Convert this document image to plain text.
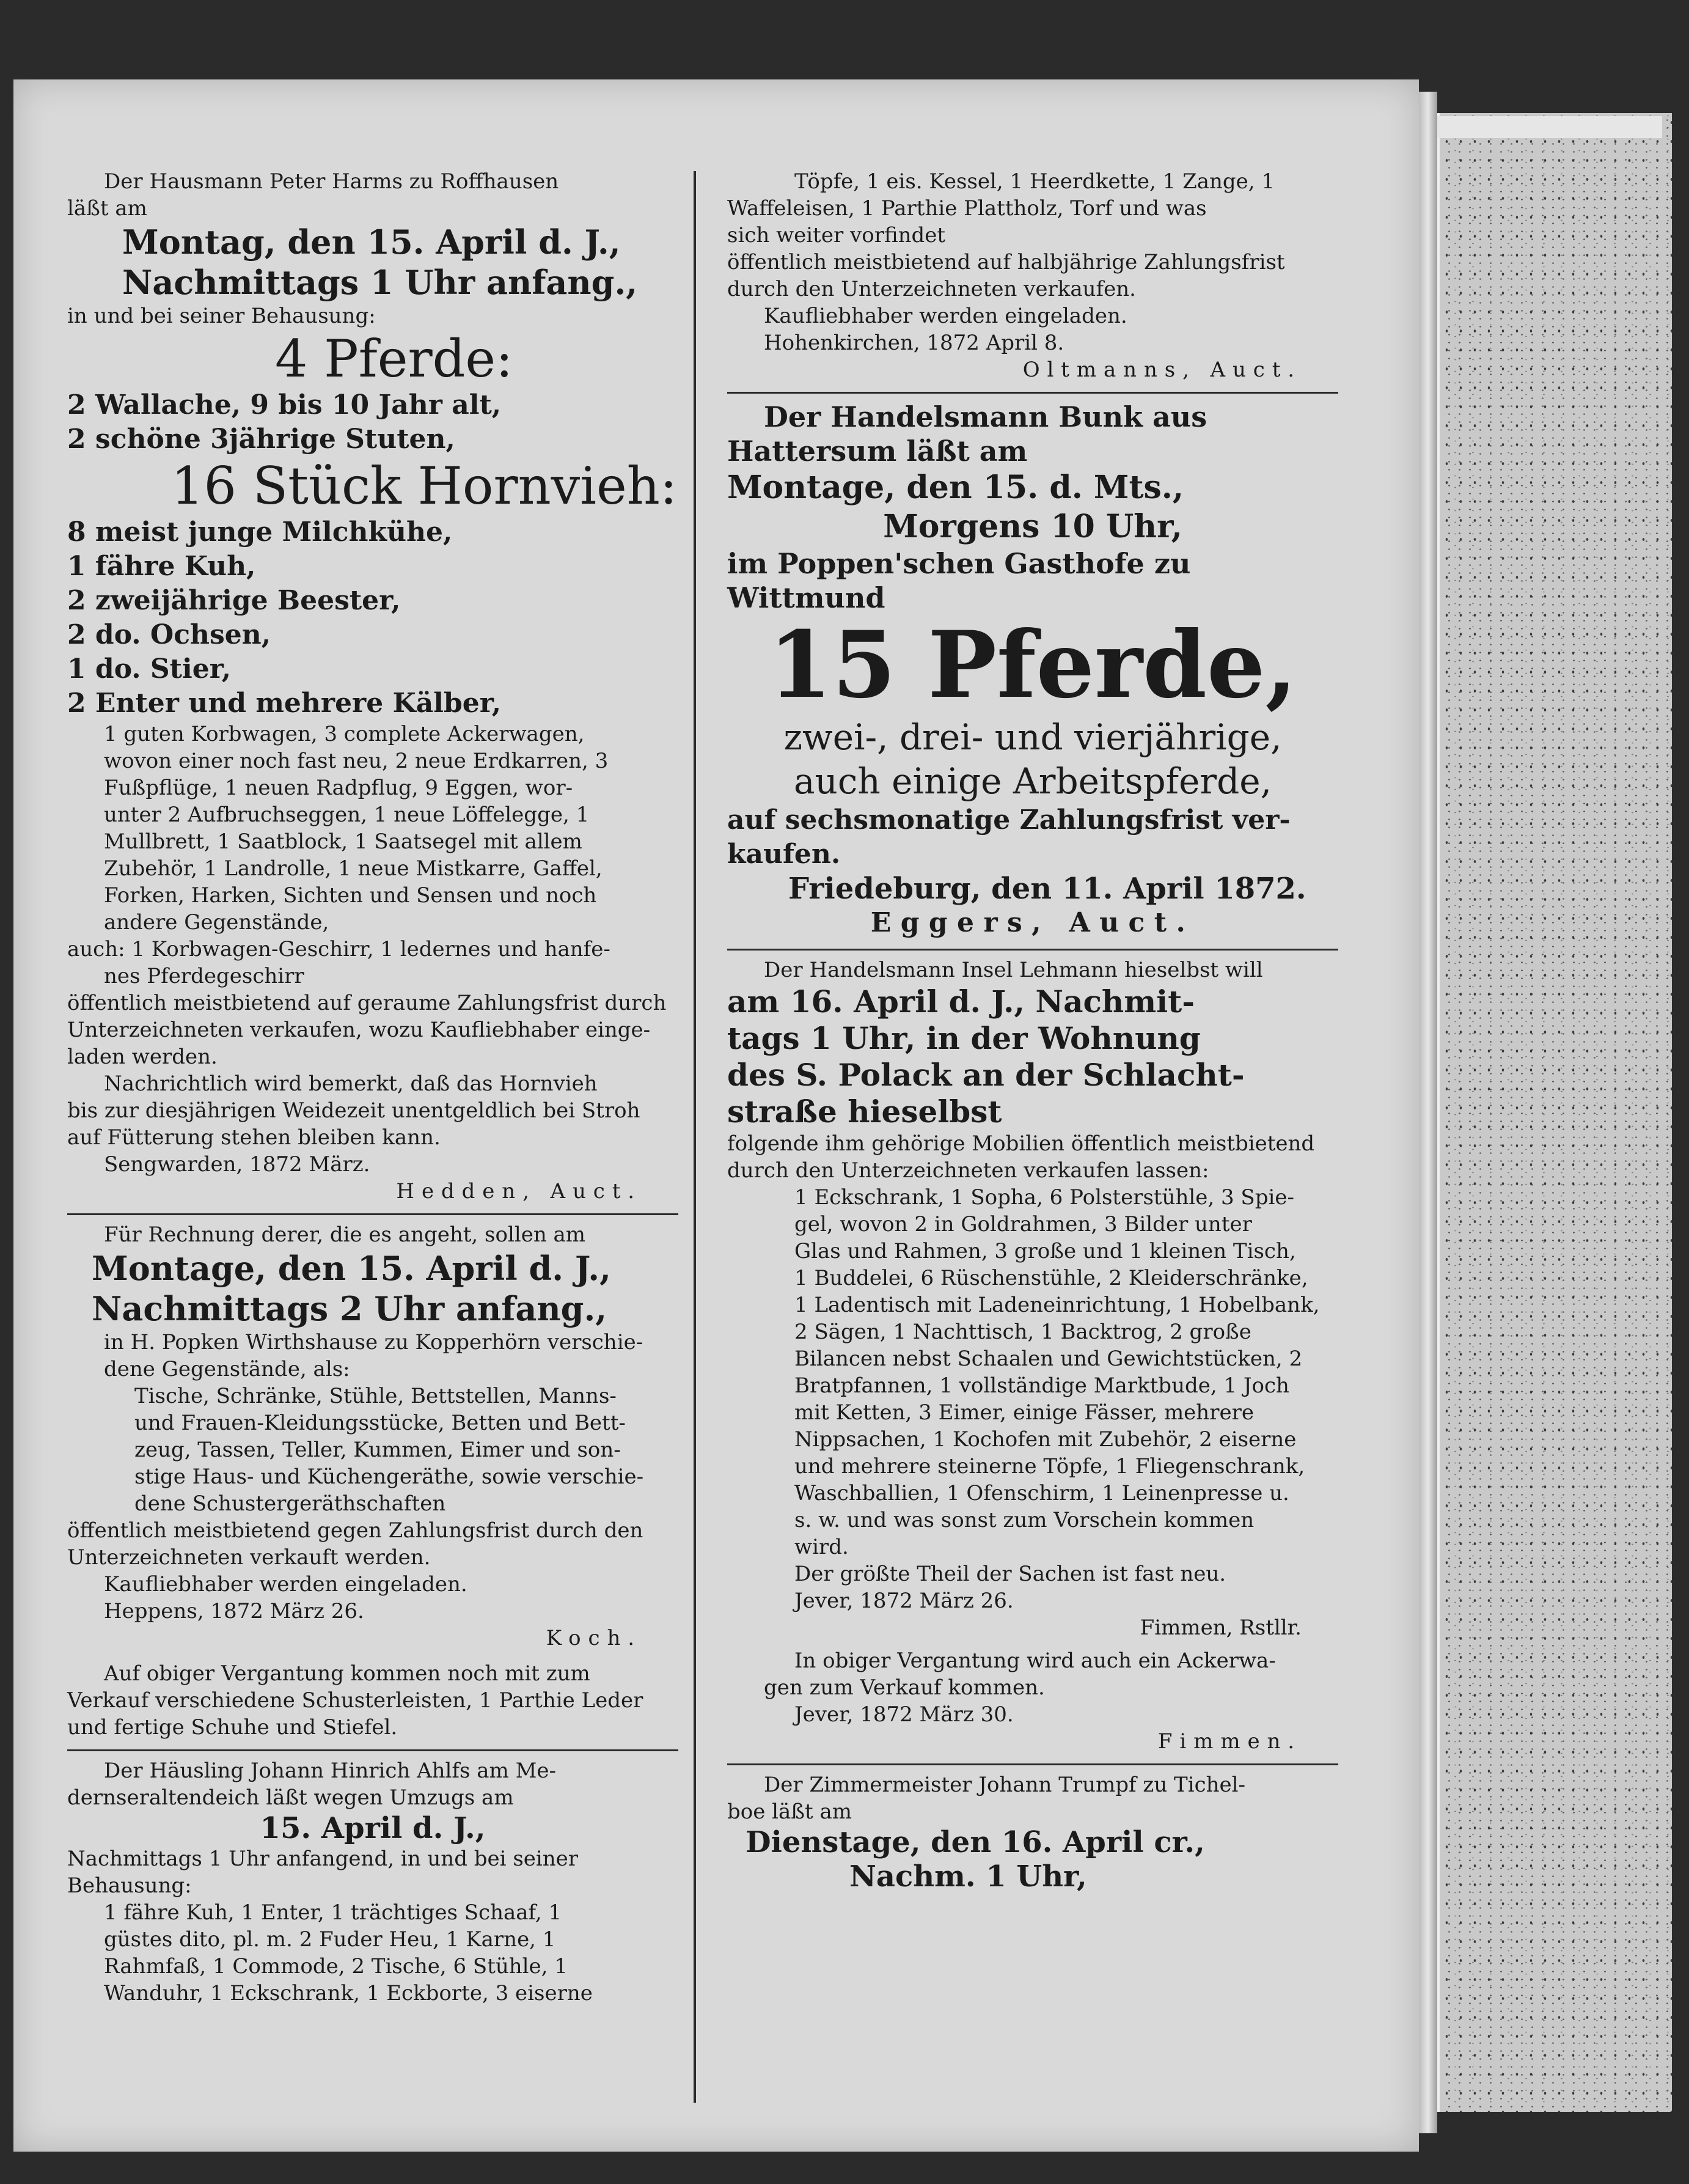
Der Hausmann Peter Harms zu Roffhausen
läßt am
Montag, den 15. April d. J.,
Nachmittags 1 Uhr anfang.,
in und bei seiner Behausung:
4 Pferde:
2 Wallache, 9 bis 10 Jahr alt,
2 schöne 3jährige Stuten,
16 Stück Hornvieh:
8 meist junge Milchkühe,
1 fähre Kuh,
2 zweijährige Beester,
2 do. Ochsen,
1 do. Stier,
2 Enter und mehrere Kälber,
1 guten Korbwagen, 3 complete Ackerwagen,
wovon einer noch fast neu, 2 neue Erdkarren, 3
Fußpflüge, 1 neuen Radpflug, 9 Eggen, wor-
unter 2 Aufbruchseggen, 1 neue Löffelegge, 1
Mullbrett, 1 Saatblock, 1 Saatsegel mit allem
Zubehör, 1 Landrolle, 1 neue Mistkarre, Gaffel,
Forken, Harken, Sichten und Sensen und noch
andere Gegenstände,
auch: 1 Korbwagen-Geschirr, 1 ledernes und hanfe-
nes Pferdegeschirr
öffentlich meistbietend auf geraume Zahlungsfrist durch
Unterzeichneten verkaufen, wozu Kaufliebhaber einge-
laden werden.
Nachrichtlich wird bemerkt, daß das Hornvieh
bis zur diesjährigen Weidezeit unentgeldlich bei Stroh
auf Fütterung stehen bleiben kann.
Sengwarden, 1872 März.
Hedden, Auct.
Für Rechnung derer, die es angeht, sollen am
Montage, den 15. April d. J.,
Nachmittags 2 Uhr anfang.,
in H. Popken Wirthshause zu Kopperhörn verschie-
dene Gegenstände, als:
Tische, Schränke, Stühle, Bettstellen, Manns-
und Frauen-Kleidungsstücke, Betten und Bett-
zeug, Tassen, Teller, Kummen, Eimer und son-
stige Haus- und Küchengeräthe, sowie verschie-
dene Schustergeräthschaften
öffentlich meistbietend gegen Zahlungsfrist durch den
Unterzeichneten verkauft werden.
Kaufliebhaber werden eingeladen.
Heppens, 1872 März 26.
Koch.
Auf obiger Vergantung kommen noch mit zum
Verkauf verschiedene Schusterleisten, 1 Parthie Leder
und fertige Schuhe und Stiefel.
Der Häusling Johann Hinrich Ahlfs am Me-
dernseraltendeich läßt wegen Umzugs am
15. April d. J.,
Nachmittags 1 Uhr anfangend, in und bei seiner
Behausung:
1 fähre Kuh, 1 Enter, 1 trächtiges Schaaf, 1
güstes dito, pl. m. 2 Fuder Heu, 1 Karne, 1
Rahmfaß, 1 Commode, 2 Tische, 6 Stühle, 1
Wanduhr, 1 Eckschrank, 1 Eckborte, 3 eiserne
Töpfe, 1 eis. Kessel, 1 Heerdkette, 1 Zange, 1
Waffeleisen, 1 Parthie Plattholz, Torf und was
sich weiter vorfindet
öffentlich meistbietend auf halbjährige Zahlungsfrist
durch den Unterzeichneten verkaufen.
Kaufliebhaber werden eingeladen.
Hohenkirchen, 1872 April 8.
Oltmanns, Auct.
Der Handelsmann Bunk aus
Hattersum läßt am
Montage, den 15. d. Mts.,
Morgens 10 Uhr,
im Poppen'schen Gasthofe zu
Wittmund
15 Pferde,
zwei-, drei- und vierjährige,
auch einige Arbeitspferde,
auf sechsmonatige Zahlungsfrist ver-
kaufen.
Friedeburg, den 11. April 1872.
Eggers, Auct.
Der Handelsmann Insel Lehmann hieselbst will
am 16. April d. J., Nachmit-
tags 1 Uhr, in der Wohnung
des S. Polack an der Schlacht-
straße hieselbst
folgende ihm gehörige Mobilien öffentlich meistbietend
durch den Unterzeichneten verkaufen lassen:
1 Eckschrank, 1 Sopha, 6 Polsterstühle, 3 Spie-
gel, wovon 2 in Goldrahmen, 3 Bilder unter
Glas und Rahmen, 3 große und 1 kleinen Tisch,
1 Buddelei, 6 Rüschenstühle, 2 Kleiderschränke,
1 Ladentisch mit Ladeneinrichtung, 1 Hobelbank,
2 Sägen, 1 Nachttisch, 1 Backtrog, 2 große
Bilancen nebst Schaalen und Gewichtstücken, 2
Bratpfannen, 1 vollständige Marktbude, 1 Joch
mit Ketten, 3 Eimer, einige Fässer, mehrere
Nippsachen, 1 Kochofen mit Zubehör, 2 eiserne
und mehrere steinerne Töpfe, 1 Fliegenschrank,
Waschballien, 1 Ofenschirm, 1 Leinenpresse u.
s. w. und was sonst zum Vorschein kommen
wird.
Der größte Theil der Sachen ist fast neu.
Jever, 1872 März 26.
Fimmen, Rstllr.
In obiger Vergantung wird auch ein Ackerwa-
gen zum Verkauf kommen.
Jever, 1872 März 30.
Fimmen.
Der Zimmermeister Johann Trumpf zu Tichel-
boe läßt am
Dienstage, den 16. April cr.,
Nachm. 1 Uhr,
